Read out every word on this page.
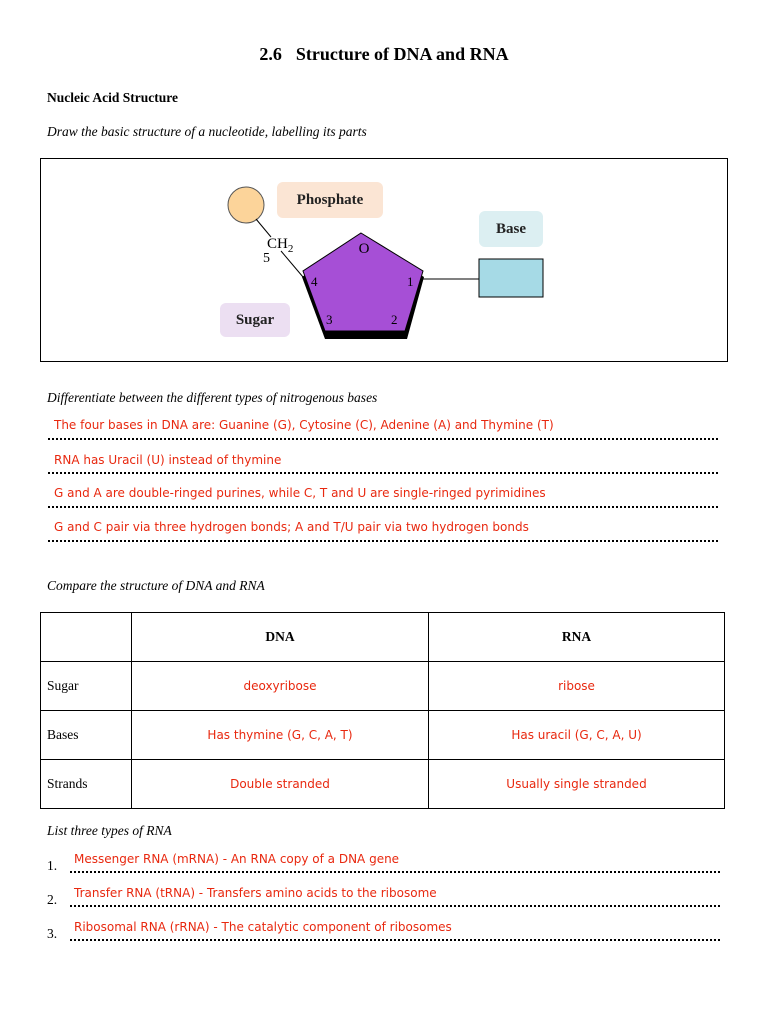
2.6 Structure of DNA and RNA
Nucleic Acid Structure
Draw the basic structure of a nucleotide, labelling its parts
O
$CH_2$
5
4	1
3	2
Phosphate
Base
Sugar
Differentiate between the different types of nitrogenous bases
The four bases in DNA are: Guanine (G), Cytosine (C), Adenine (A) and Thymine (T)
RNA has Uracil (U) instead of thymine
G and A are double-ringed purines, while C, T and U are single-ringed pyrimidines
G and C pair via three hydrogen bonds; A and T/U pair via two hydrogen bonds
Compare the structure of DNA and RNA
	DNA	RNA
Sugar	deoxyribose	ribose
Bases	Has thymine (G, C, A, T)	Has uracil (G, C, A, U)
Strands	Double stranded	Usually single stranded
List three types of RNA
1. Messenger RNA (mRNA) - An RNA copy of a DNA gene
2. Transfer RNA (tRNA) - Transfers amino acids to the ribosome
3. Ribosomal RNA (rRNA) - The catalytic component of ribosomes
